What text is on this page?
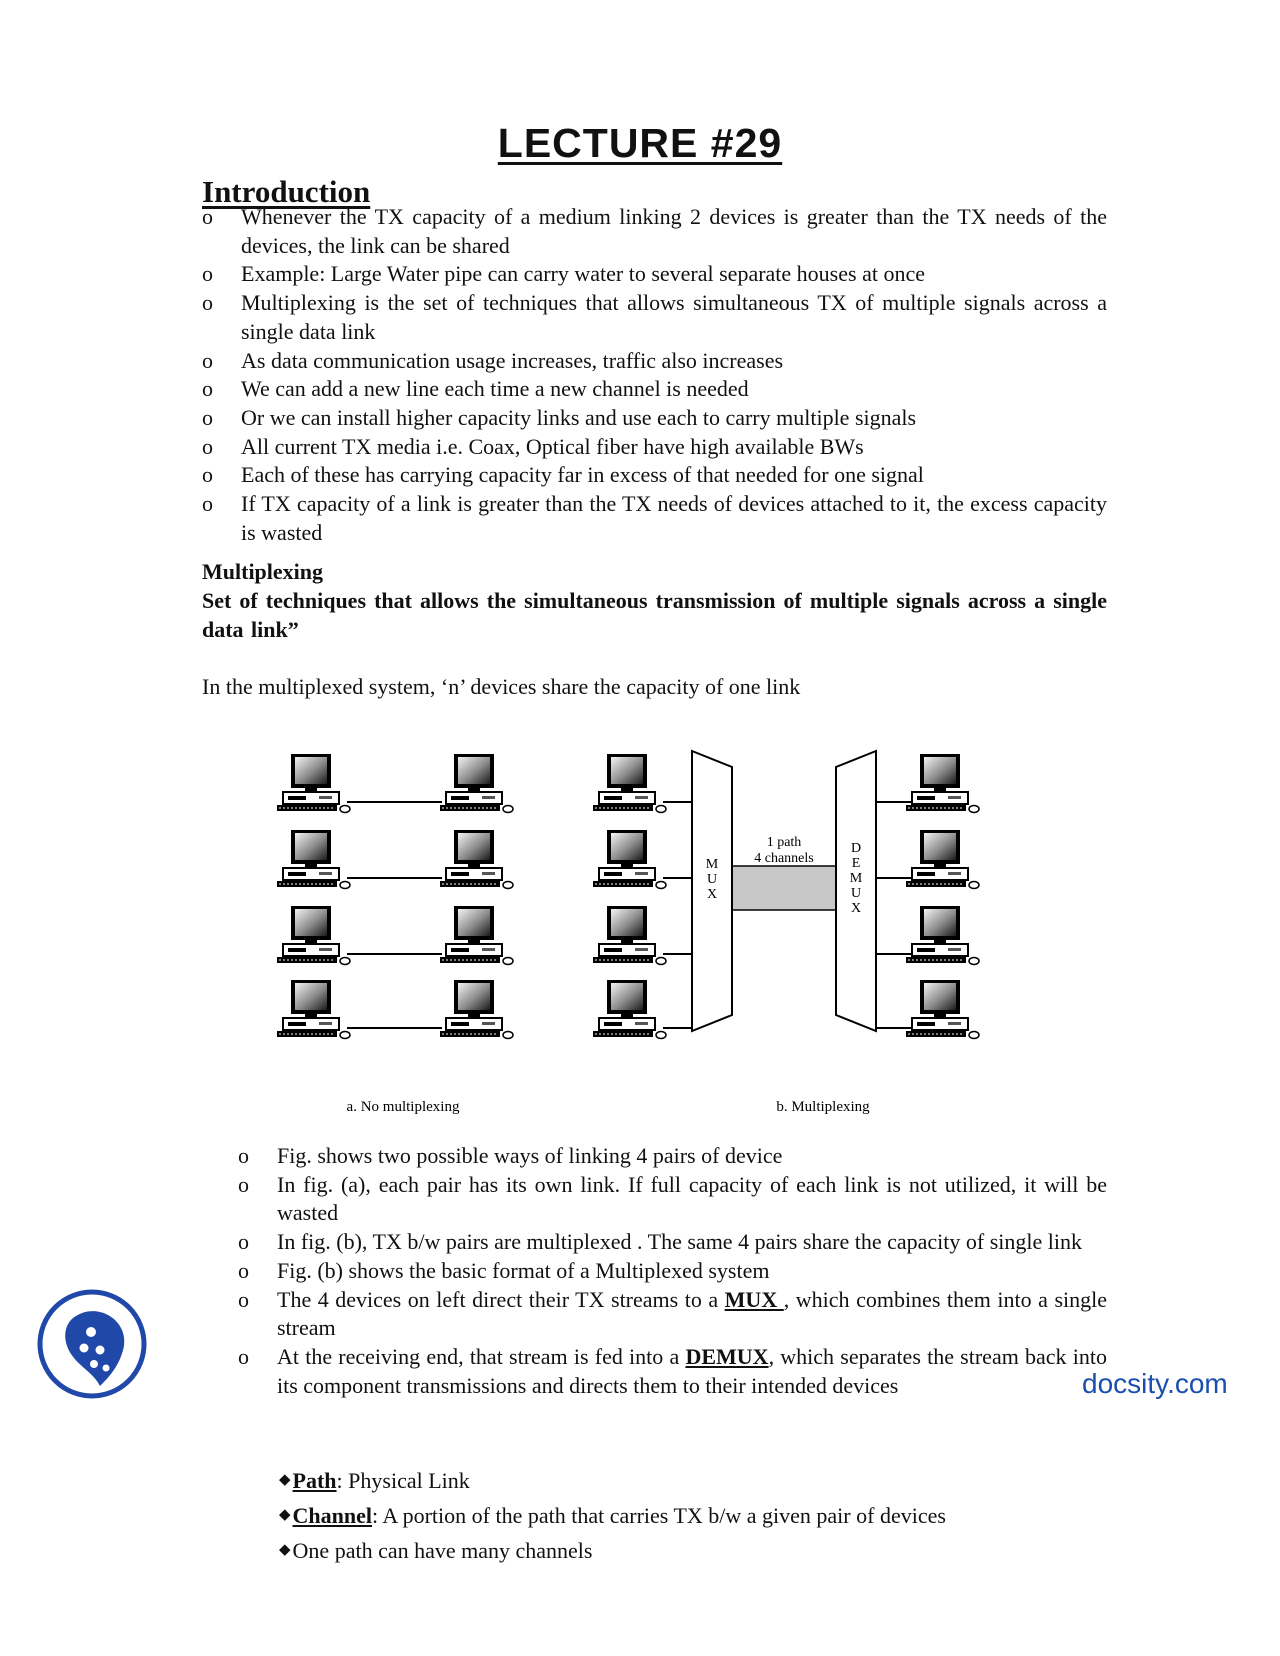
LECTURE #29
Introduction
o Whenever the TX capacity of a medium linking 2 devices is greater than the TX needs of the devices, the link can be shared
o Example: Large Water pipe can carry water to several separate houses at once
o Multiplexing is the set of techniques that allows simultaneous TX of multiple signals across a single data link
o As data communication usage increases, traffic also increases
o We can add a new line each time a new channel is needed
o Or we can install higher capacity links and use each to carry multiple signals
o All current TX media i.e. Coax, Optical fiber have high available BWs
o Each of these has carrying capacity far in excess of that needed for one signal
o If TX capacity of a link is greater than the TX needs of devices attached to it, the excess capacity is wasted
Multiplexing
Set of techniques that allows the simultaneous transmission of multiple signals across a single data link”
In the multiplexed system, ‘n’ devices share the capacity of one link
M
U
X
D
E
M
U
X
1 path
4 channels
a. No multiplexing	b. Multiplexing
o Fig. shows two possible ways of linking 4 pairs of device
o In fig. (a), each pair has its own link. If full capacity of each link is not utilized, it will be wasted
o In fig. (b), TX b/w pairs are multiplexed . The same 4 pairs share the capacity of single link
o Fig. (b) shows the basic format of a Multiplexed system
o The 4 devices on left direct their TX streams to a MUX , which combines them into a single stream
o At the receiving end, that stream is fed into a DEMUX, which separates the stream back into its component transmissions and directs them to their intended devices
◆Path: Physical Link
◆Channel: A portion of the path that carries TX b/w a given pair of devices
◆One path can have many channels
docsity.com
